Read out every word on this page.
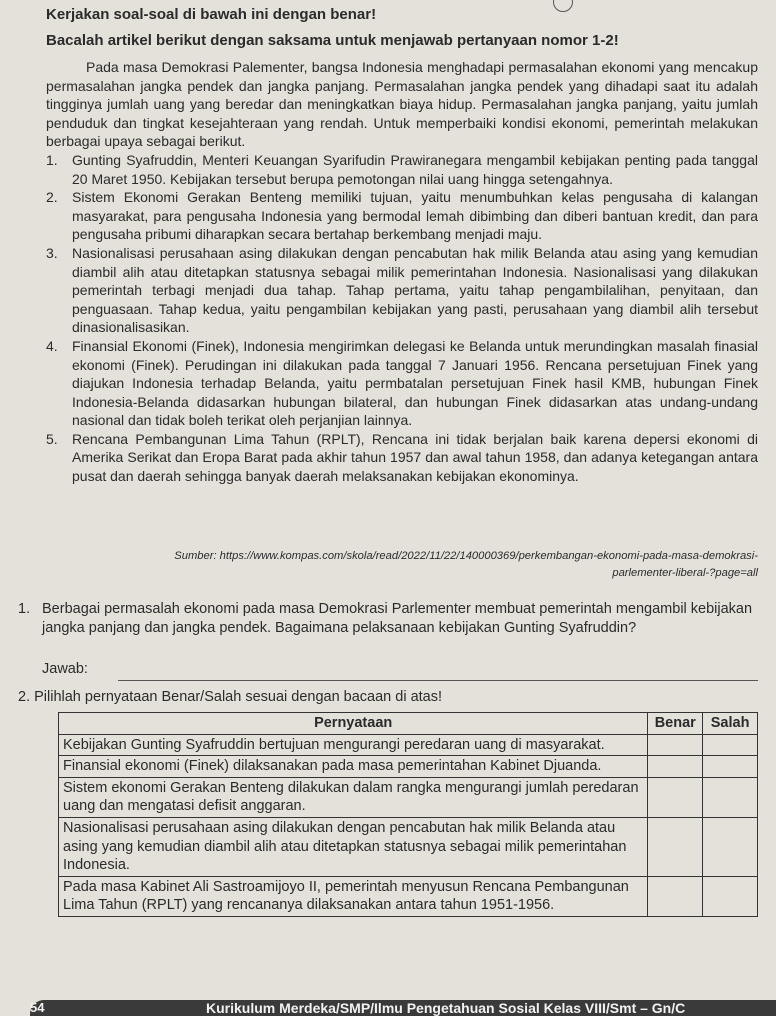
Kerjakan soal-soal di bawah ini dengan benar!
Bacalah artikel berikut dengan saksama untuk menjawab pertanyaan nomor 1-2!

Pada masa Demokrasi Palementer, bangsa Indonesia menghadapi permasalahan ekonomi yang mencakup permasalahan jangka pendek dan jangka panjang. Permasalahan jangka pendek yang dihadapi saat itu adalah tingginya jumlah uang yang beredar dan meningkatkan biaya hidup. Permasalahan jangka panjang, yaitu jumlah penduduk dan tingkat kesejahteraan yang rendah. Untuk memperbaiki kondisi ekonomi, pemerintah melakukan berbagai upaya sebagai berikut.

1. Gunting Syafruddin, Menteri Keuangan Syarifudin Prawiranegara mengambil kebijakan penting pada tanggal 20 Maret 1950. Kebijakan tersebut berupa pemotongan nilai uang hingga setengahnya.
2. Sistem Ekonomi Gerakan Benteng memiliki tujuan, yaitu menumbuhkan kelas pengusaha di kalangan masyarakat, para pengusaha Indonesia yang bermodal lemah dibimbing dan diberi bantuan kredit, dan para pengusaha pribumi diharapkan secara bertahap berkembang menjadi maju.
3. Nasionalisasi perusahaan asing dilakukan dengan pencabutan hak milik Belanda atau asing yang kemudian diambil alih atau ditetapkan statusnya sebagai milik pemerintahan Indonesia. Nasionalisasi yang dilakukan pemerintah terbagi menjadi dua tahap. Tahap pertama, yaitu tahap pengambilalihan, penyitaan, dan penguasaan. Tahap kedua, yaitu pengambilan kebijakan yang pasti, perusahaan yang diambil alih tersebut dinasionalisasikan.
4. Finansial Ekonomi (Finek), Indonesia mengirimkan delegasi ke Belanda untuk merundingkan masalah finasial ekonomi (Finek). Perudingan ini dilakukan pada tanggal 7 Januari 1956. Rencana persetujuan Finek yang diajukan Indonesia terhadap Belanda, yaitu permbatalan persetujuan Finek hasil KMB, hubungan Finek Indonesia-Belanda didasarkan hubungan bilateral, dan hubungan Finek didasarkan atas undang-undang nasional dan tidak boleh terikat oleh perjanjian lainnya.
5. Rencana Pembangunan Lima Tahun (RPLT), Rencana ini tidak berjalan baik karena depersi ekonomi di Amerika Serikat dan Eropa Barat pada akhir tahun 1957 dan awal tahun 1958, dan adanya ketegangan antara pusat dan daerah sehingga banyak daerah melaksanakan kebijakan ekonominya.
Sumber: https://www.kompas.com/skola/read/2022/11/22/140000369/perkembangan-ekonomi-pada-masa-demokrasi-
parlementer-liberal-?page=all
1. Berbagai permasalah ekonomi pada masa Demokrasi Parlementer membuat pemerintah mengambil kebijakan jangka panjang dan jangka pendek. Bagaimana pelaksanaan kebijakan Gunting Syafruddin?
Jawab:
2. Pilihlah pernyataan Benar/Salah sesuai dengan bacaan di atas!
Pernyataan	Benar	Salah
Kebijakan Gunting Syafruddin bertujuan mengurangi peredaran uang di masyarakat.		
Finansial ekonomi (Finek) dilaksanakan pada masa pemerintahan Kabinet Djuanda.		
Sistem ekonomi Gerakan Benteng dilakukan dalam rangka mengurangi jumlah peredaran uang dan mengatasi defisit anggaran.		
Nasionalisasi perusahaan asing dilakukan dengan pencabutan hak milik Belanda atau asing yang kemudian diambil alih atau ditetapkan statusnya sebagai milik pemerintahan Indonesia.		
Pada masa Kabinet Ali Sastroamijoyo II, pemerintah menyusun Rencana Pembangunan Lima Tahun (RPLT) yang rencananya dilaksanakan antara tahun 1951-1956.		
54	Kurikulum Merdeka/SMP/Ilmu Pengetahuan Sosial Kelas VIII/Smt – Gn/C
